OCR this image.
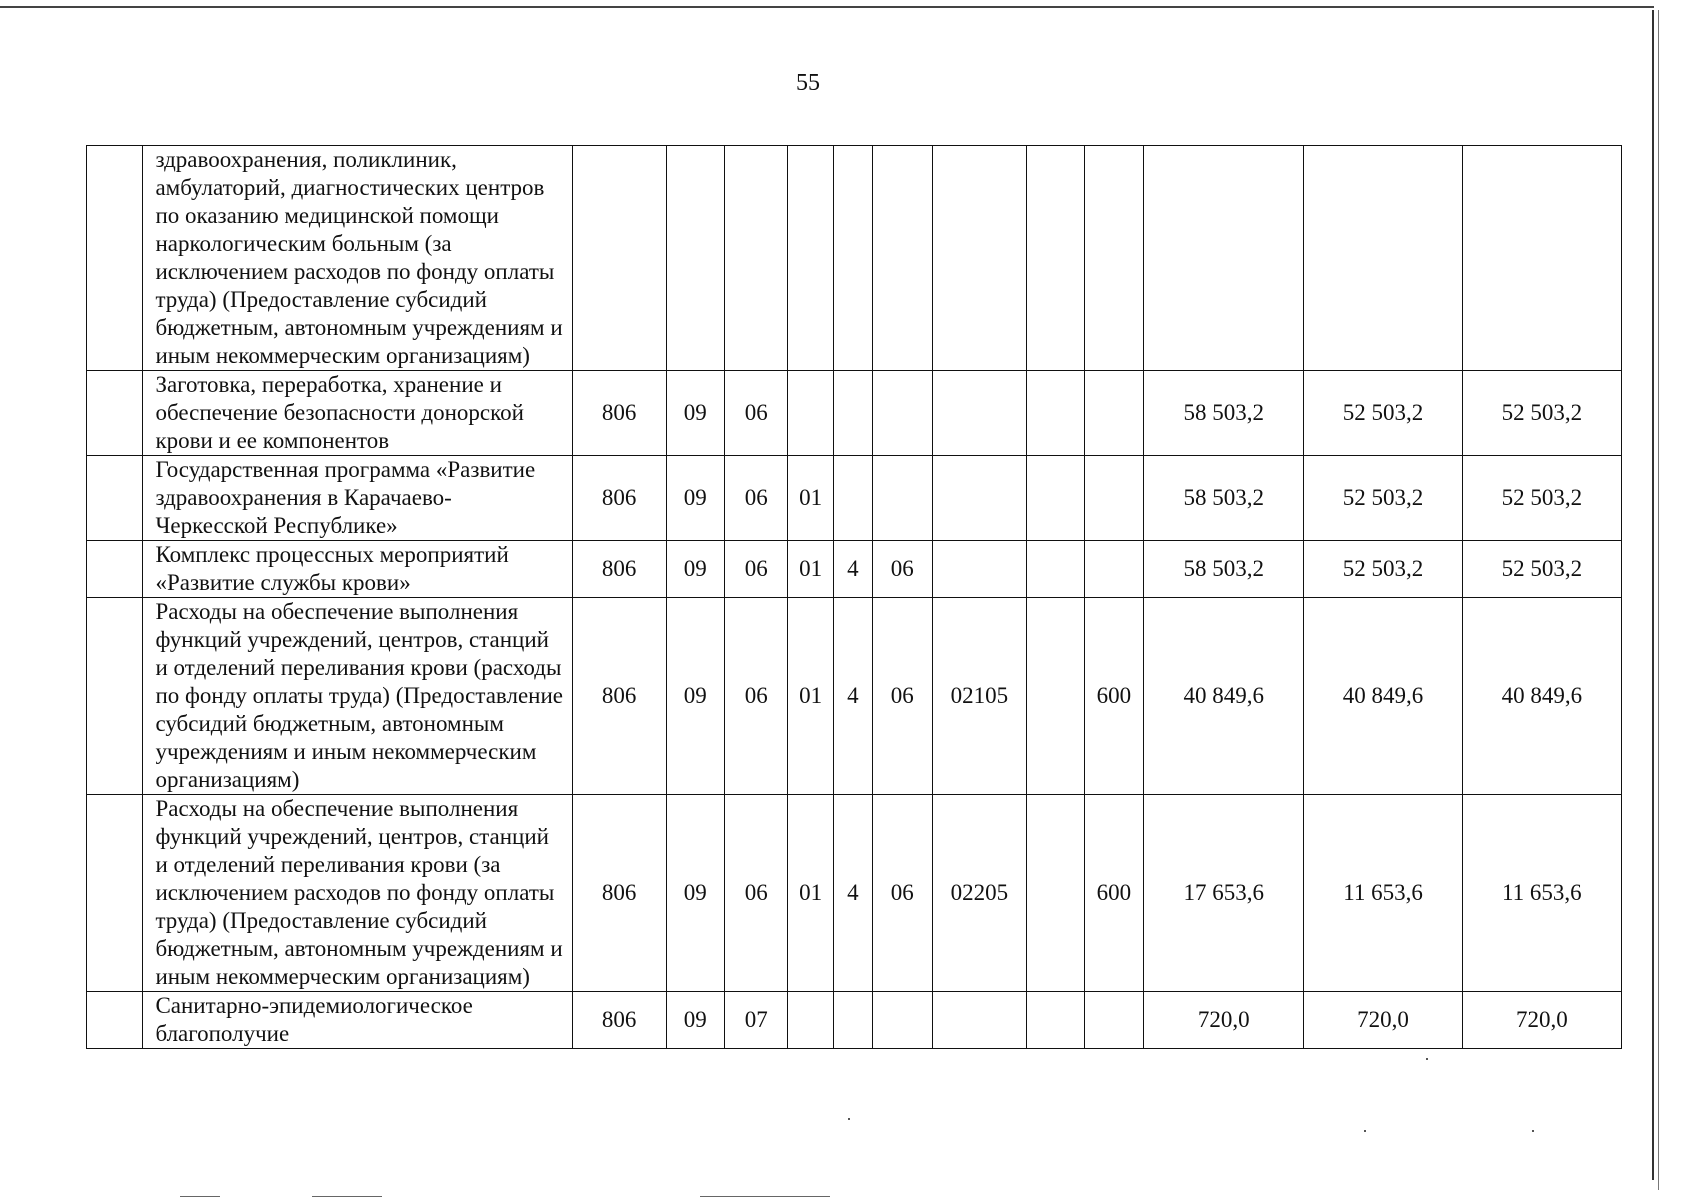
55
	здравоохранения, поликлиник, амбулаторий, диагностических центров по оказанию медицинской помощи наркологическим больным (за исключением расходов по фонду оплаты труда) (Предоставление субсидий бюджетным, автономным учреждениям и иным некоммерческим организациям)												
	Заготовка, переработка, хранение и обеспечение безопасности донорской крови и ее компонентов	806	09	06							58 503,2	52 503,2	52 503,2
	Государственная программа «Развитие здравоохранения в Карачаево-Черкесской Республике»	806	09	06	01						58 503,2	52 503,2	52 503,2
	Комплекс процессных мероприятий «Развитие службы крови»	806	09	06	01	4	06				58 503,2	52 503,2	52 503,2
	Расходы на обеспечение выполнения функций учреждений, центров, станций и отделений переливания крови (расходы по фонду оплаты труда) (Предоставление субсидий бюджетным, автономным учреждениям и иным некоммерческим организациям)	806	09	06	01	4	06	02105		600	40 849,6	40 849,6	40 849,6
	Расходы на обеспечение выполнения функций учреждений, центров, станций и отделений переливания крови (за исключением расходов по фонду оплаты труда) (Предоставление субсидий бюджетным, автономным учреждениям и иным некоммерческим организациям)	806	09	06	01	4	06	02205		600	17 653,6	11 653,6	11 653,6
	Санитарно-эпидемиологическое благополучие	806	09	07							720,0	720,0	720,0
